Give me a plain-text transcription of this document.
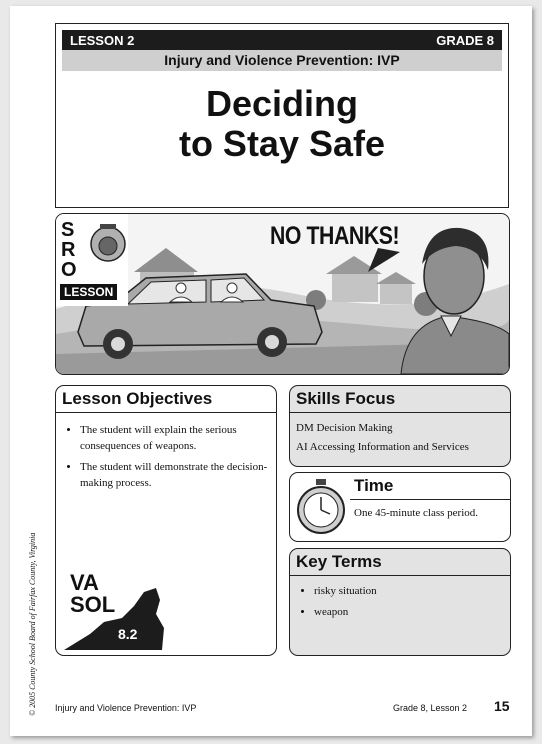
LESSON 2	GRADE 8
Injury and Violence Prevention: IVP
Deciding
to Stay Safe
S
R
O
LESSON
NO THANKS!
Lesson Objectives
• The student will explain the serious consequences of weapons.
• The student will demonstrate the decision-making process.
VA
SOL
8.2
Skills Focus
DM Decision Making
AI Accessing Information and Services
Time
One 45-minute class period.
Key Terms
• risky situation
• weapon
© 2005 County School Board of Fairfax County, Virginia Injury and Violence Prevention: IVP	Grade 8, Lesson 2 15
